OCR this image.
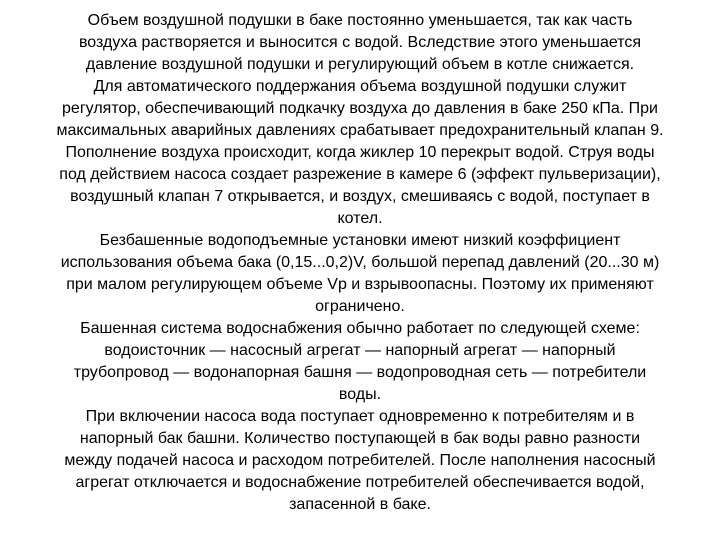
Объем воздушной подушки в баке постоянно уменьшается, так как часть
воздуха растворяется и выносится с водой. Вследствие этого уменьшается
давление воздушной подушки и регулирующий объем в котле снижается.
Для автоматического поддержания объема воздушной подушки служит
регулятор, обеспечивающий подкачку воздуха до давления в баке 250 кПа. При
максимальных аварийных давлениях срабатывает предохранительный клапан 9.
Пополнение воздуха происходит, когда жиклер 10 перекрыт водой. Струя воды
под действием насоса создает разрежение в камере 6 (эффект пульверизации),
воздушный клапан 7 открывается, и воздух, смешиваясь с водой, поступает в
котел.
Безбашенные водоподъемные установки имеют низкий коэффициент
использования объема бака (0,15...0,2)V, большой перепад давлений (20...30 м)
при малом регулирующем объеме Vp и взрывоопасны. Поэтому их применяют
ограничено.
Башенная система водоснабжения обычно работает по следующей схеме:
водоисточник — насосный агрегат — напорный агрегат — напорный
трубопровод — водонапорная башня — водопроводная сеть — потребители
воды.
При включении насоса вода поступает одновременно к потребителям и в
напорный бак башни. Количество поступающей в бак воды равно разности
между подачей насоса и расходом потребителей. После наполнения насосный
агрегат отключается и водоснабжение потребителей обеспечивается водой,
запасенной в баке.
